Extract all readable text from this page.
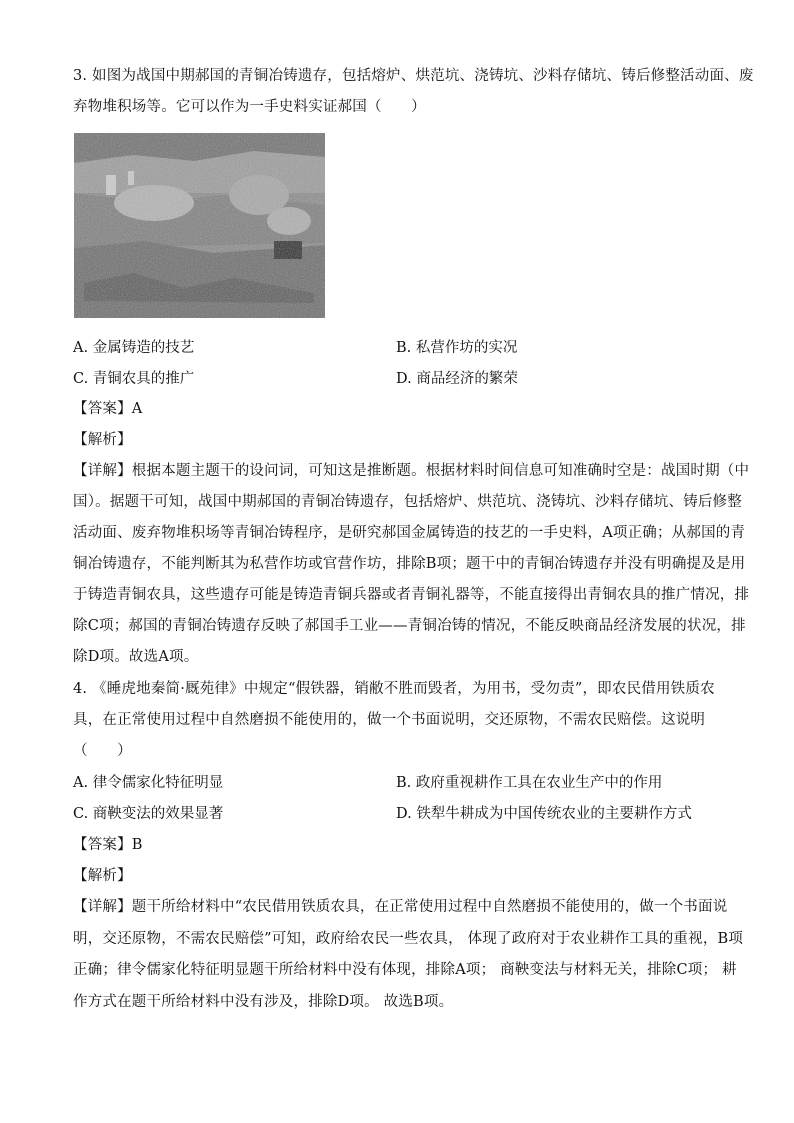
3. 如图为战国中期郝国的青铜冶铸遗存，包括熔炉、烘范坑、浇铸坑、沙料存储坑、铸后修整活动面、废
弃物堆积场等。它可以作为一手史料实证郝国（　　）
A. 金属铸造的技艺	B. 私营作坊的实况
C. 青铜农具的推广	D. 商品经济的繁荣
【答案】A
【解析】
【详解】根据本题主题干的设问词，可知这是推断题。根据材料时间信息可知准确时空是：战国时期（中
国）。据题干可知，战国中期郝国的青铜冶铸遗存，包括熔炉、烘范坑、浇铸坑、沙料存储坑、铸后修整
活动面、废弃物堆积场等青铜冶铸程序，是研究郝国金属铸造的技艺的一手史料，A项正确；从郝国的青
铜冶铸遗存，不能判断其为私营作坊或官营作坊，排除B项；题干中的青铜冶铸遗存并没有明确提及是用
于铸造青铜农具，这些遗存可能是铸造青铜兵器或者青铜礼器等，不能直接得出青铜农具的推广情况，排
除C项；郝国的青铜冶铸遗存反映了郝国手工业——青铜冶铸的情况，不能反映商品经济发展的状况，排
除D项。故选A项。
4. 《睡虎地秦简·厩苑律》中规定“假铁器，销敝不胜而毁者，为用书，受勿责”，即农民借用铁质农
具，在正常使用过程中自然磨损不能使用的，做一个书面说明，交还原物，不需农民赔偿。这说明
（　　）
A. 律令儒家化特征明显	B. 政府重视耕作工具在农业生产中的作用
C. 商鞅变法的效果显著	D. 铁犁牛耕成为中国传统农业的主要耕作方式
【答案】B
【解析】
【详解】题干所给材料中“农民借用铁质农具，在正常使用过程中自然磨损不能使用的，做一个书面说
明，交还原物，不需农民赔偿”可知，政府给农民一些农具， 体现了政府对于农业耕作工具的重视，B项
正确；律令儒家化特征明显题干所给材料中没有体现，排除A项； 商鞅变法与材料无关，排除C项； 耕
作方式在题干所给材料中没有涉及，排除D项。 故选B项。
